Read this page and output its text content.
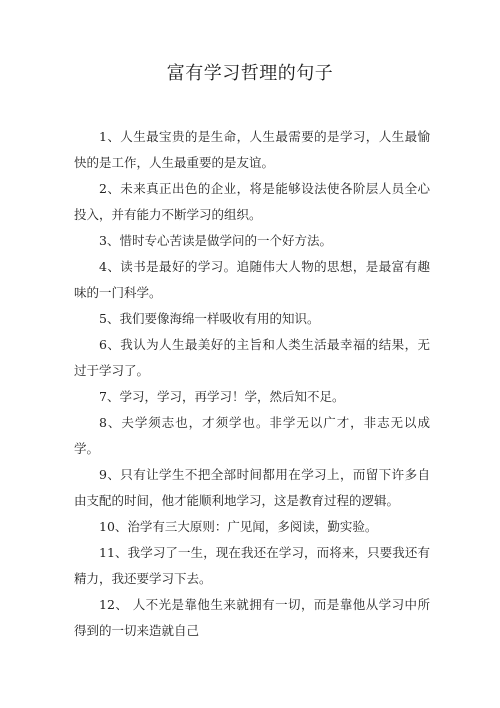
富有学习哲理的句子

1、人生最宝贵的是生命，人生最需要的是学习，人生最愉快的是工作，人生最重要的是友谊。

2、未来真正出色的企业，将是能够设法使各阶层人员全心投入，并有能力不断学习的组织。

3、惜时专心苦读是做学问的一个好方法。

4、读书是最好的学习。追随伟大人物的思想，是最富有趣味的一门科学。

5、我们要像海绵一样吸收有用的知识。

6、我认为人生最美好的主旨和人类生活最幸福的结果，无过于学习了。

7、学习，学习，再学习！学，然后知不足。

8、夫学须志也，才须学也。非学无以广才，非志无以成学。

9、只有让学生不把全部时间都用在学习上，而留下许多自由支配的时间，他才能顺利地学习，这是教育过程的逻辑。

10、治学有三大原则：广见闻，多阅读，勤实验。

11、我学习了一生，现在我还在学习，而将来，只要我还有精力，我还要学习下去。

12、 人不光是靠他生来就拥有一切，而是靠他从学习中所得到的一切来造就自己
